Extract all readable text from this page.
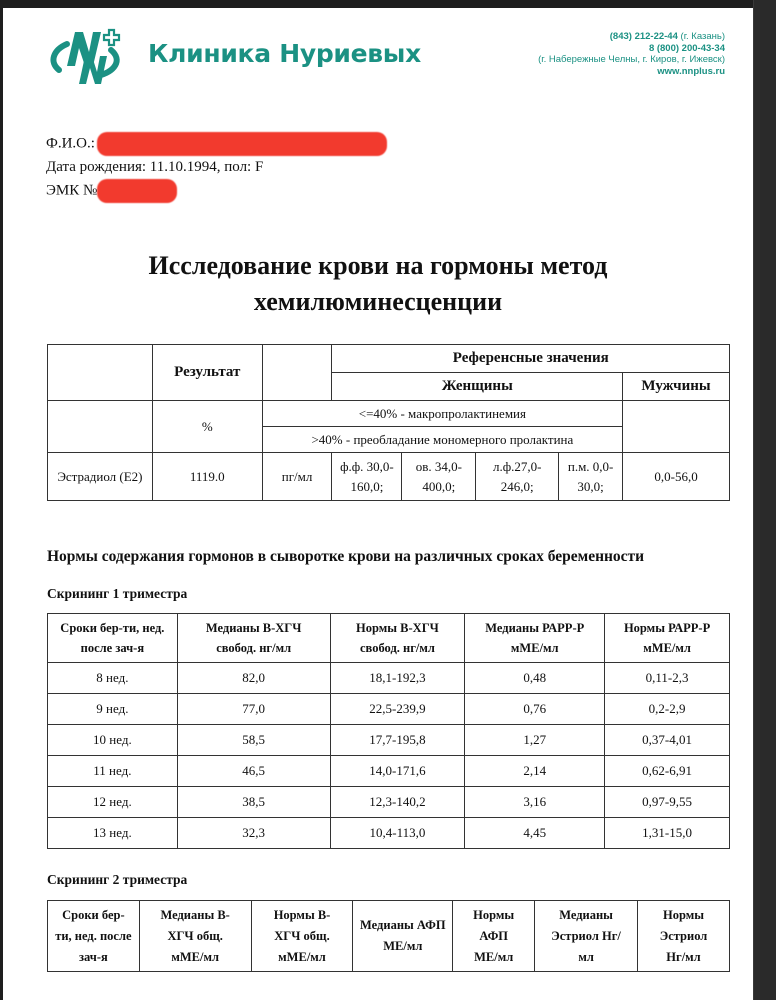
Клиника Нуриевых
(843) 212-22-44 (г. Казань)
8 (800) 200-43-34
(г. Набережные Челны, г. Киров, г. Ижевск)
www.nnplus.ru
Ф.И.О.:
Дата рождения: 11.10.1994, пол: F
ЭМК №
Исследование крови на гормоны метод
хемилюминесценции
	Результат		Референсные значения				
			Женщины				Мужчины
	%	<=40% - макропролактинемия					
		>40% - преобладание мономерного пролактина					
Эстрадиол (E2)	1119.0	пг/мл	ф.ф. 30,0-160,0;	ов. 34,0-400,0;	л.ф.27,0-246,0;	п.м. 0,0-30,0;	0,0-56,0
Нормы содержания гормонов в сыворотке крови на различных сроках беременности
Скрининг 1 триместра
Сроки бер-ти, нед. после зач-я	Медианы В-ХГЧ свобод. нг/мл	Нормы В-ХГЧ свобод. нг/мл	Медианы РАРР-Р мМЕ/мл	Нормы РАРР-Р мМЕ/мл
8 нед.	82,0	18,1-192,3	0,48	0,11-2,3
9 нед.	77,0	22,5-239,9	0,76	0,2-2,9
10 нед.	58,5	17,7-195,8	1,27	0,37-4,01
11 нед.	46,5	14,0-171,6	2,14	0,62-6,91
12 нед.	38,5	12,3-140,2	3,16	0,97-9,55
13 нед.	32,3	10,4-113,0	4,45	1,31-15,0
Скрининг 2 триместра
Сроки бер-ти, нед. после зач-я	Медианы В-ХГЧ общ. мМЕ/мл	Нормы В-ХГЧ общ. мМЕ/мл	Медианы АФП МЕ/мл	Нормы АФП МЕ/мл	Медианы Эстриол Нг/мл	Нормы Эстриол Нг/мл
